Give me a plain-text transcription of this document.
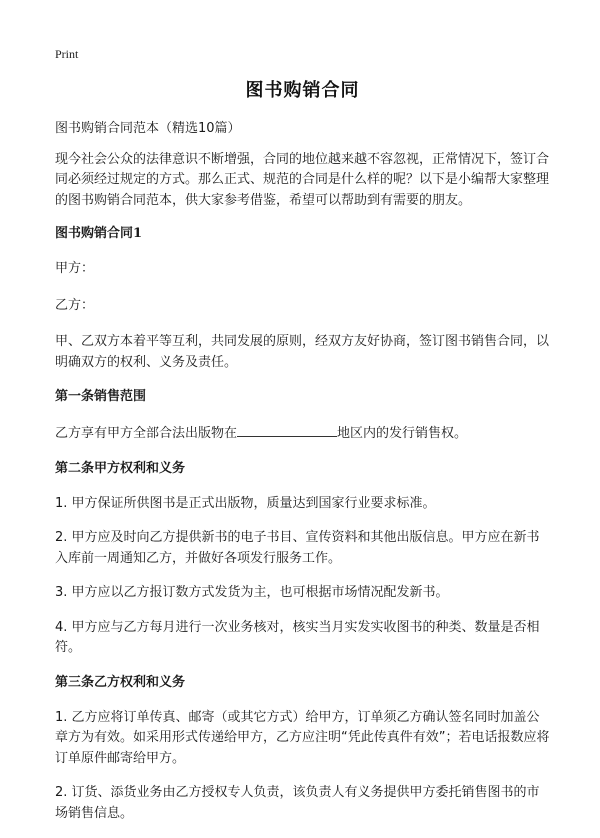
Print
图书购销合同

图书购销合同范本（精选10篇）

现今社会公众的法律意识不断增强，合同的地位越来越不容忽视，正常情况下，签订合同必须经过规定的方式。那么正式、规范的合同是什么样的呢？以下是小编帮大家整理的图书购销合同范本，供大家参考借鉴，希望可以帮助到有需要的朋友。

图书购销合同1

甲方：

乙方：

甲、乙双方本着平等互利，共同发展的原则，经双方友好协商，签订图书销售合同，以明确双方的权利、义务及责任。

第一条销售范围

乙方享有甲方全部合法出版物在	地区内的发行销售权。

第二条甲方权利和义务

1. 甲方保证所供图书是正式出版物，质量达到国家行业要求标准。

2. 甲方应及时向乙方提供新书的电子书目、宣传资料和其他出版信息。甲方应在新书入库前一周通知乙方，并做好各项发行服务工作。

3. 甲方应以乙方报订数方式发货为主，也可根据市场情况配发新书。

4. 甲方应与乙方每月进行一次业务核对，核实当月实发实收图书的种类、数量是否相符。

第三条乙方权利和义务

1. 乙方应将订单传真、邮寄（或其它方式）给甲方，订单须乙方确认签名同时加盖公章方为有效。如采用形式传递给甲方，乙方应注明“凭此传真件有效”；若电话报数应将订单原件邮寄给甲方。

2. 订货、添货业务由乙方授权专人负责，该负责人有义务提供甲方委托销售图书的市场销售信息。
